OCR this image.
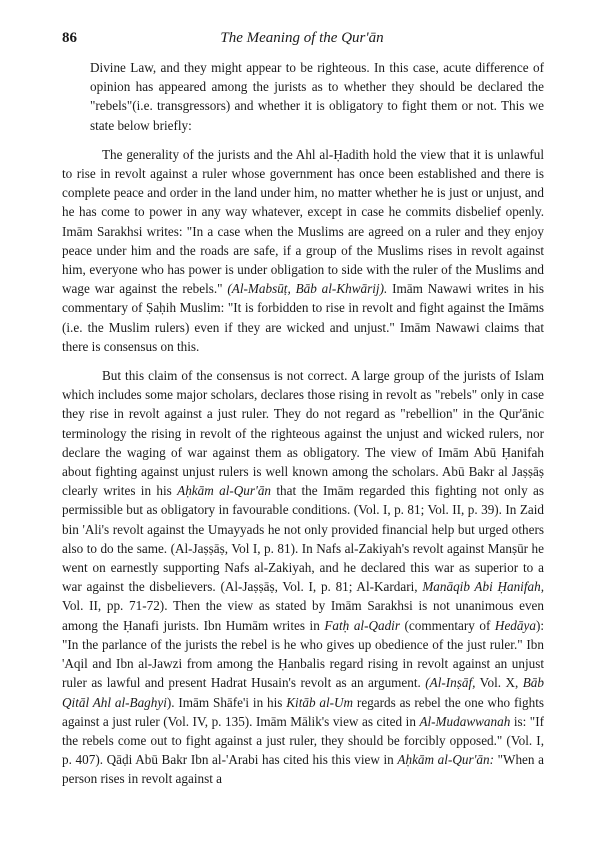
86	The Meaning of the Qur'ān

Divine Law, and they might appear to be righteous. In this case, acute difference of opinion has appeared among the jurists as to whether they should be declared the "rebels"(i.e. transgressors) and whether it is obligatory to fight them or not. This we state below briefly:

The generality of the jurists and the Ahl al-Ḥadith hold the view that it is unlawful to rise in revolt against a ruler whose government has once been established and there is complete peace and order in the land under him, no matter whether he is just or unjust, and he has come to power in any way whatever, except in case he commits disbelief openly. Imām Sarakhsi writes: "In a case when the Muslims are agreed on a ruler and they enjoy peace under him and the roads are safe, if a group of the Muslims rises in revolt against him, everyone who has power is under obligation to side with the ruler of the Muslims and wage war against the rebels." (Al-Mabsūṭ, Bāb al-Khwārij). Imām Nawawi writes in his commentary of Ṣaḥih Muslim: "It is forbidden to rise in revolt and fight against the Imāms (i.e. the Muslim rulers) even if they are wicked and unjust." Imām Nawawi claims that there is consensus on this.

But this claim of the consensus is not correct. A large group of the jurists of Islam which includes some major scholars, declares those rising in revolt as "rebels" only in case they rise in revolt against a just ruler. They do not regard as "rebellion" in the Qur'ānic terminology the rising in revolt of the righteous against the unjust and wicked rulers, nor declare the waging of war against them as obligatory. The view of Imām Abū Ḥanifah about fighting against unjust rulers is well known among the scholars. Abū Bakr al Jaṣṣāṣ clearly writes in his Aḥkām al-Qur'ān that the Imām regarded this fighting not only as permissible but as obligatory in favourable conditions. (Vol. I, p. 81; Vol. II, p. 39). In Zaid bin 'Ali's revolt against the Umayyads he not only provided financial help but urged others also to do the same. (Al-Jaṣṣāṣ, Vol I, p. 81). In Nafs al-Zakiyah's revolt against Manṣūr he went on earnestly supporting Nafs al-Zakiyah, and he declared this war as superior to a war against the disbelievers. (Al-Jaṣṣāṣ, Vol. I, p. 81; Al-Kardari, Manāqib Abi Ḥanifah, Vol. II, pp. 71-72). Then the view as stated by Imām Sarakhsi is not unanimous even among the Ḥanafi jurists. Ibn Humām writes in Fatḥ al-Qadir (commentary of Hedāya): "In the parlance of the jurists the rebel is he who gives up obedience of the just ruler." Ibn 'Aqil and Ibn al-Jawzi from among the Ḥanbalis regard rising in revolt against an unjust ruler as lawful and present Hadrat Husain's revolt as an argument. (Al-Inṣāf, Vol. X, Bāb Qitāl Ahl al-Baghyi). Imām Shāfe'i in his Kitāb al-Um regards as rebel the one who fights against a just ruler (Vol. IV, p. 135). Imām Mālik's view as cited in Al-Mudawwanah is: "If the rebels come out to fight against a just ruler, they should be forcibly opposed." (Vol. I, p. 407). Qāḍi Abū Bakr Ibn al-'Arabi has cited his this view in Aḥkām al-Qur'ān: "When a person rises in revolt against a
